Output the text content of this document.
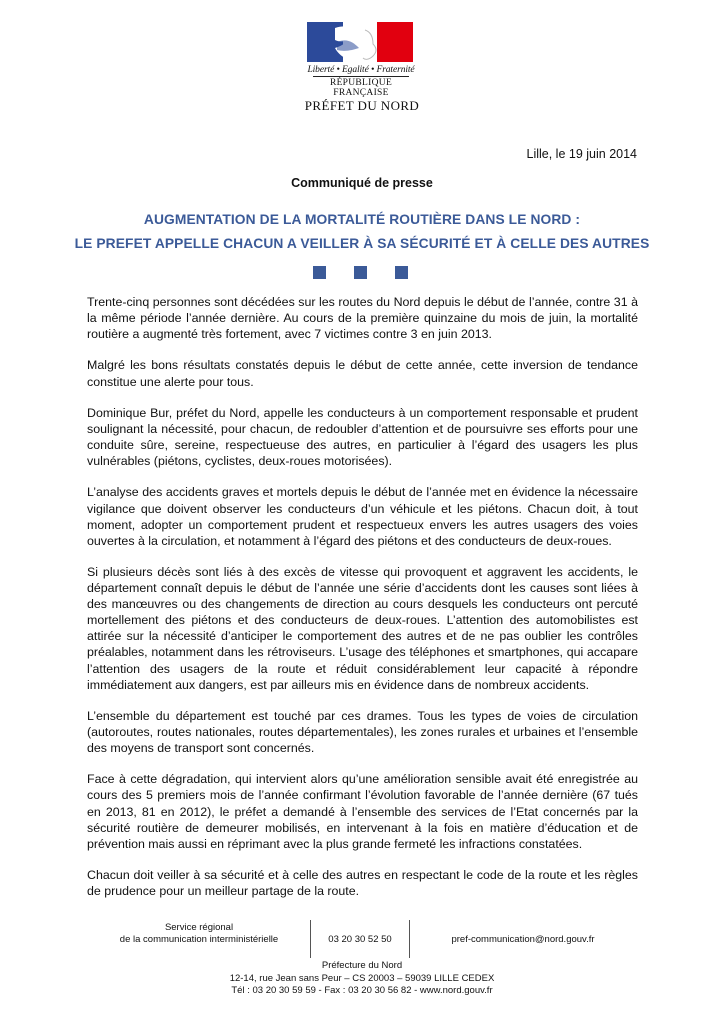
Liberté • Egalité • Fraternité
RÉPUBLIQUE FRANÇAISE
PRÉFET DU NORD
Lille, le 19 juin 2014
Communiqué de presse
AUGMENTATION DE LA MORTALITÉ ROUTIÈRE DANS LE NORD :
LE PREFET APPELLE CHACUN A VEILLER À SA SÉCURITÉ ET À CELLE DES AUTRES

Trente-cinq personnes sont décédées sur les routes du Nord depuis le début de l’année, contre 31 à la même période l’année dernière. Au cours de la première quinzaine du mois de juin, la mortalité routière a augmenté très fortement, avec 7 victimes contre 3 en juin 2013.

Malgré les bons résultats constatés depuis le début de cette année, cette inversion de tendance constitue une alerte pour tous.

Dominique Bur, préfet du Nord, appelle les conducteurs à un comportement responsable et prudent soulignant la nécessité, pour chacun, de redoubler d’attention et de poursuivre ses efforts pour une conduite sûre, sereine, respectueuse des autres, en particulier à l’égard des usagers les plus vulnérables (piétons, cyclistes, deux-roues motorisées).

L’analyse des accidents graves et mortels depuis le début de l’année met en évidence la nécessaire vigilance que doivent observer les conducteurs d’un véhicule et les piétons. Chacun doit, à tout moment, adopter un comportement prudent et respectueux envers les autres usagers des voies ouvertes à la circulation, et notamment à l’égard des piétons et des conducteurs de deux-roues.

Si plusieurs décès sont liés à des excès de vitesse qui provoquent et aggravent les accidents, le département connaît depuis le début de l’année une série d’accidents dont les causes sont liées à des manœuvres ou des changements de direction au cours desquels les conducteurs ont percuté mortellement des piétons et des conducteurs de deux-roues. L’attention des automobilistes est attirée sur la nécessité d’anticiper le comportement des autres et de ne pas oublier les contrôles préalables, notamment dans les rétroviseurs. L’usage des téléphones et smartphones, qui accapare l’attention des usagers de la route et réduit considérablement leur capacité à répondre immédiatement aux dangers, est par ailleurs mis en évidence dans de nombreux accidents.

L’ensemble du département est touché par ces drames. Tous les types de voies de circulation (autoroutes, routes nationales, routes départementales), les zones rurales et urbaines et l’ensemble des moyens de transport sont concernés.

Face à cette dégradation, qui intervient alors qu’une amélioration sensible avait été enregistrée au cours des 5 premiers mois de l’année confirmant l’évolution favorable de l’année dernière (67 tués en 2013, 81 en 2012), le préfet a demandé à l’ensemble des services de l’Etat concernés par la sécurité routière de demeurer mobilisés, en intervenant à la fois en matière d’éducation et de prévention mais aussi en réprimant avec la plus grande fermeté les infractions constatées.

Chacun doit veiller à sa sécurité et à celle des autres en respectant le code de la route et les règles de prudence pour un meilleur partage de la route.

Service régional
de la communication interministérielle	03 20 30 52 50	pref-communication@nord.gouv.fr
Préfecture du Nord
12-14, rue Jean sans Peur – CS 20003 – 59039 LILLE CEDEX
Tél : 03 20 30 59 59 - Fax : 03 20 30 56 82 - www.nord.gouv.fr
